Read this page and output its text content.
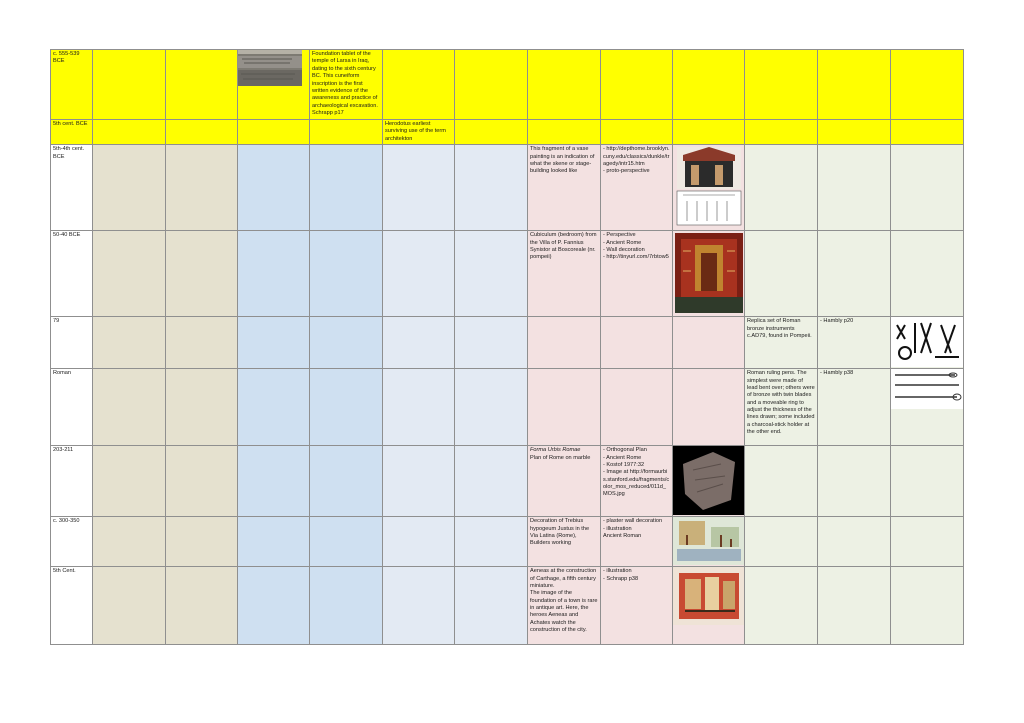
c. 555-539 BCE				Foundation tablet of the temple of Larsa in Iraq, dating to the sixth century BC. This cuneiform inscription is the first written evidence of the awareness and practice of archaeological excavation. Schrapp p17								
5th cent. BCE					Herodotus earliest surviving use of the term architekton							
5th-4th cent. BCE							This fragment of a vase painting is an indication of what the skene or stage-building looked like	- http://depthome.brooklyn.cuny.edu/classics/dunkle/tragedy/intr15.htm
- proto-perspective	

50-40 BCE							Cubiculum (bedroom) from the Villa of P. Fannius Synistor at Boscoreale (nr. pompeii)	- Perspective
- Ancient Rome
- Wall decoration
- http://tinyurl.com/7rbtow5	

79										Replica set of Roman bronze instruments c.AD79, found in Pompeii.	- Hambly p20	

Roman										Roman ruling pens. The simplest were made of lead bent over; others were of bronze with twin blades and a moveable ring to adjust the thickness of the lines drawn; some included a charcoal-stick holder at the other end.	- Hambly p38	

203-211							Forma Urbis Romae
Plan of Rome on marble	- Orthogonal Plan
- Ancient Rome
- Kostof 1977:32
- Image at http://formaurbis.stanford.edu/fragments/color_mos_reduced/011d_MOS.jpg	

c. 300-350							Decoration of Trebius hypogeum Justus in the Via Latina (Rome), Builders working	- plaster wall decoration
- illustration
Ancient Roman	

5th Cent.							Aeneas at the construction of Carthage, a fifth century miniature.
The image of the foundation of a town is rare in antique art. Here, the heroes Aeneas and Achates watch the construction of the city.	- illustration
- Schrapp p38	
